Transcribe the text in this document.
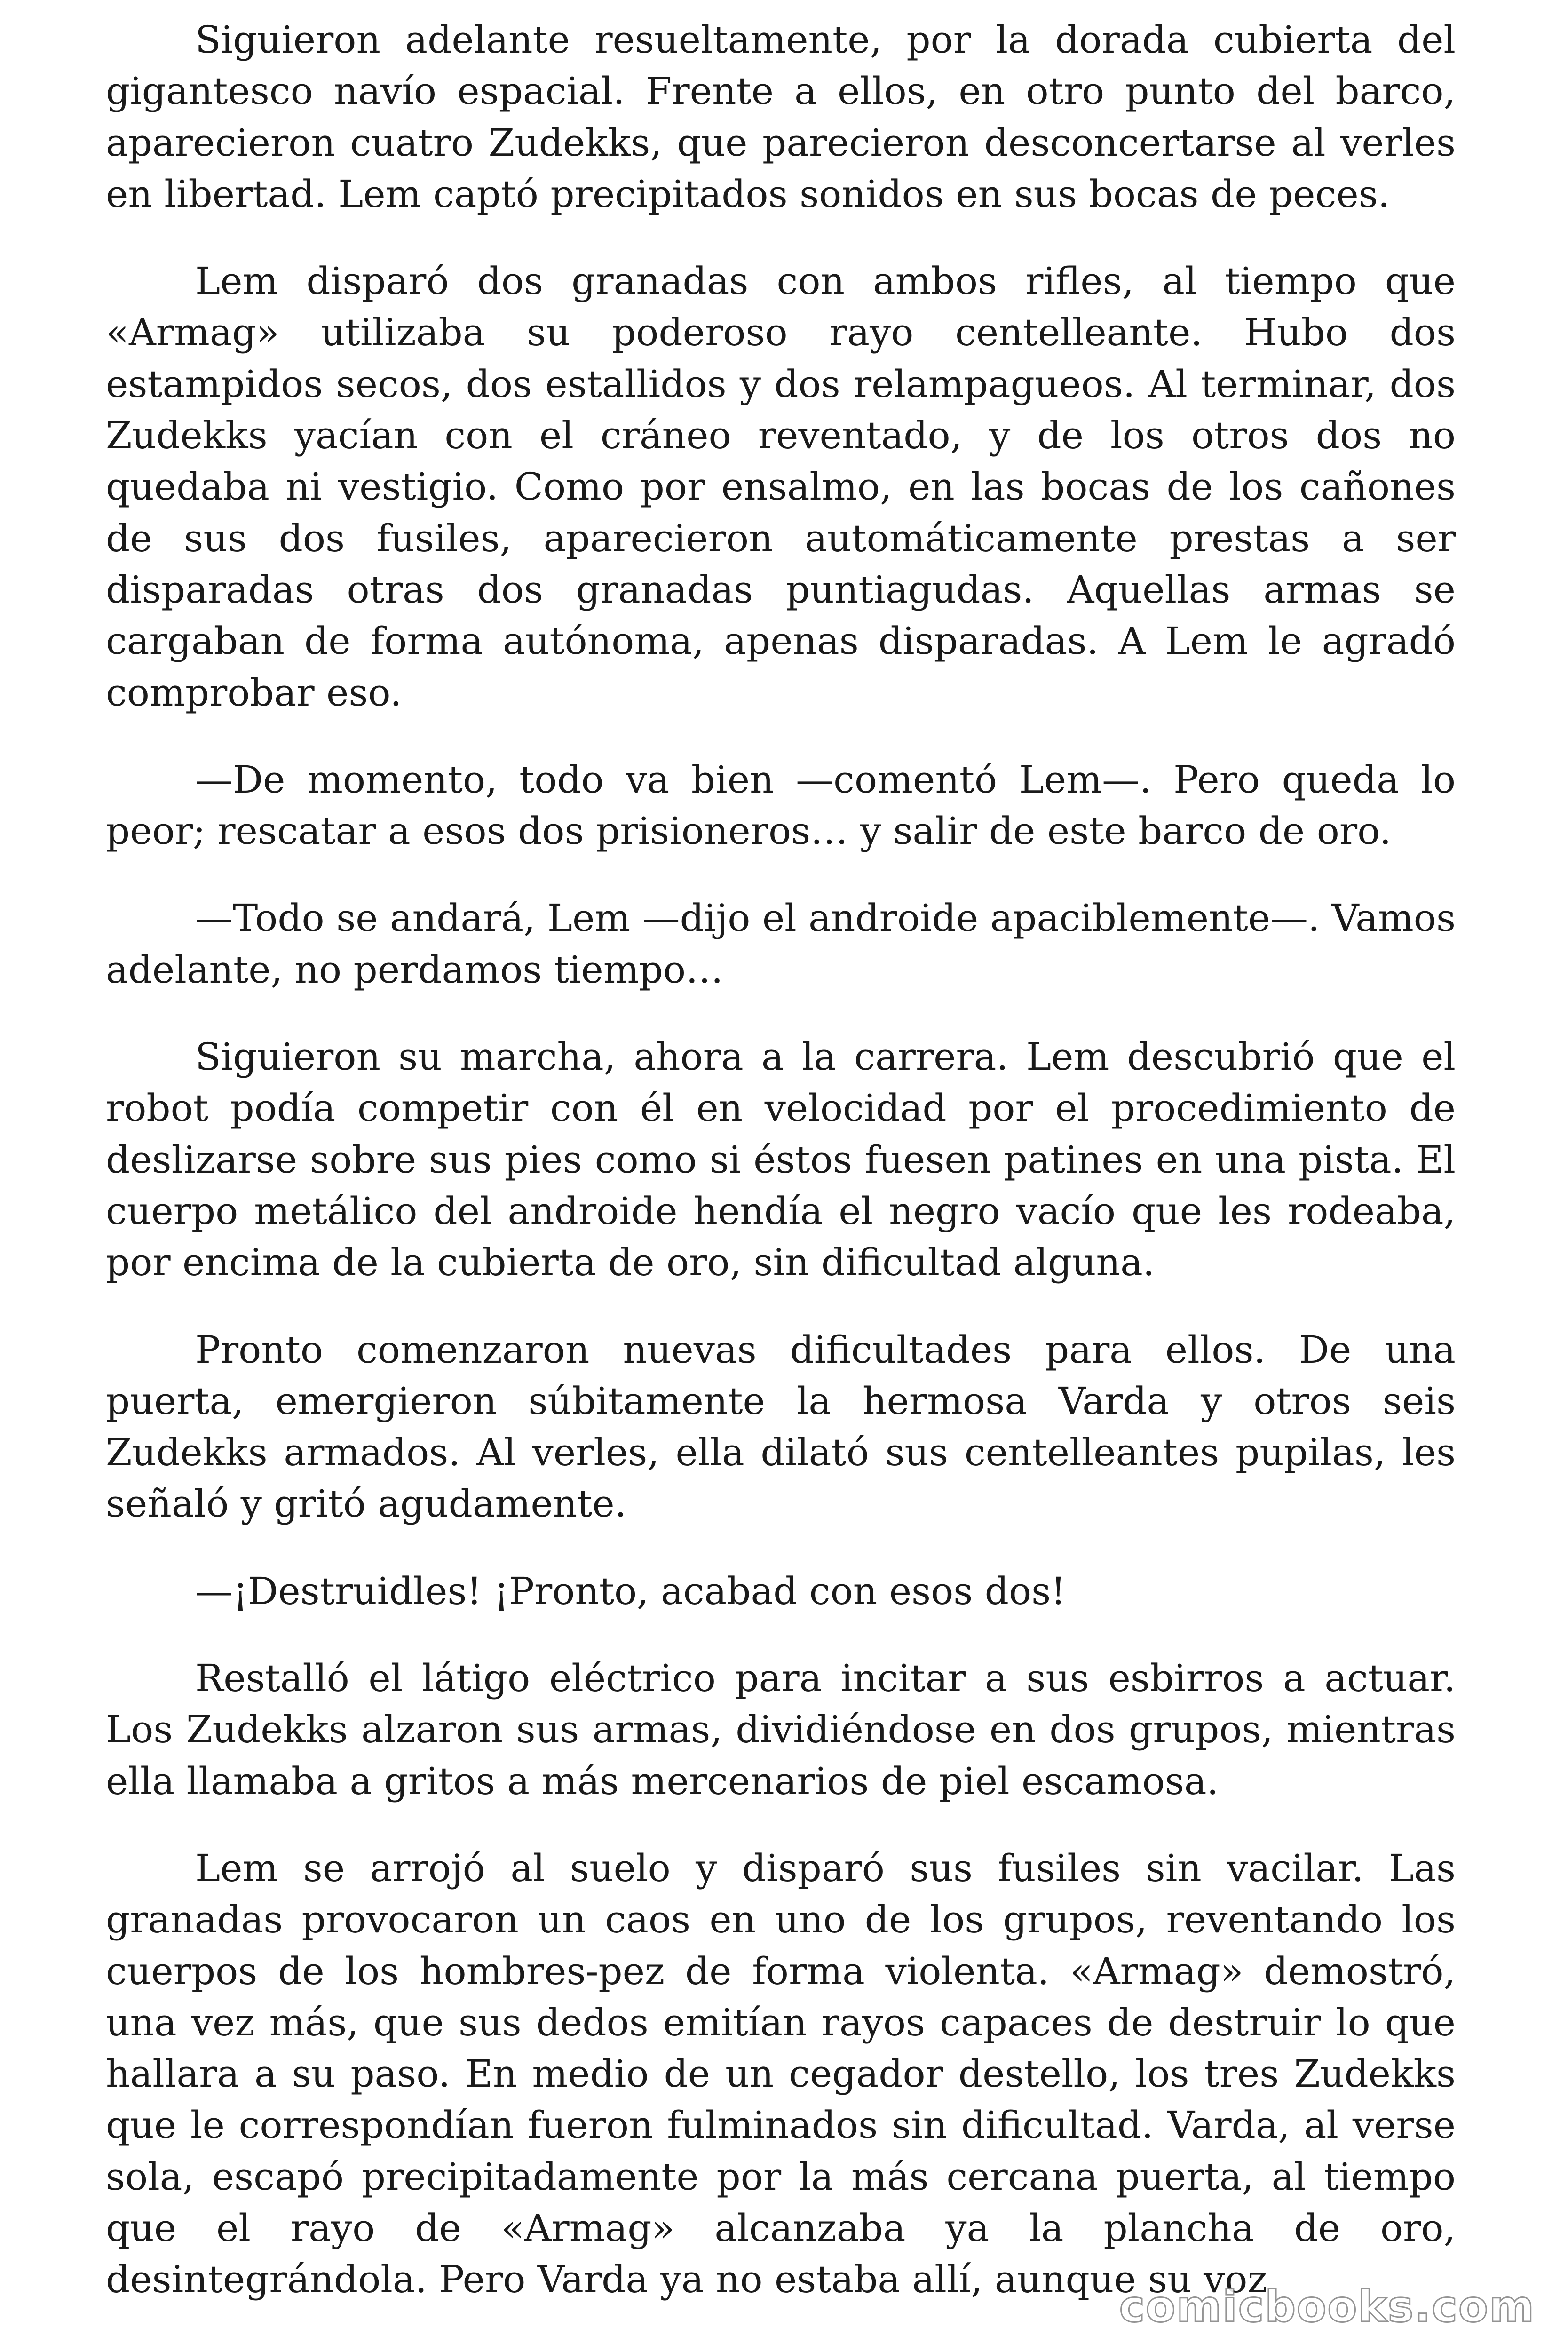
Siguieron adelante resueltamente, por la dorada cubierta del gigantesco navío espacial. Frente a ellos, en otro punto del barco, aparecieron cuatro Zudekks, que parecieron desconcertarse al verles en libertad. Lem captó precipitados sonidos en sus bocas de peces.

Lem disparó dos granadas con ambos rifles, al tiempo que «Armag» utilizaba su poderoso rayo centelleante. Hubo dos estampidos secos, dos estallidos y dos relampagueos. Al terminar, dos Zudekks yacían con el cráneo reventado, y de los otros dos no quedaba ni vestigio. Como por ensalmo, en las bocas de los cañones de sus dos fusiles, aparecieron automáticamente prestas a ser disparadas otras dos granadas puntiagudas. Aquellas armas se cargaban de forma autónoma, apenas disparadas. A Lem le agradó comprobar eso.

—De momento, todo va bien —comentó Lem—. Pero queda lo peor; rescatar a esos dos prisioneros… y salir de este barco de oro.

—Todo se andará, Lem —dijo el androide apaciblemente—. Vamos adelante, no perdamos tiempo…

Siguieron su marcha, ahora a la carrera. Lem descubrió que el robot podía competir con él en velocidad por el procedimiento de deslizarse sobre sus pies como si éstos fuesen patines en una pista. El cuerpo metálico del androide hendía el negro vacío que les rodeaba, por encima de la cubierta de oro, sin dificultad alguna.

Pronto comenzaron nuevas dificultades para ellos. De una puerta, emergieron súbitamente la hermosa Varda y otros seis Zudekks armados. Al verles, ella dilató sus centelleantes pupilas, les señaló y gritó agudamente.

—¡Destruidles! ¡Pronto, acabad con esos dos!

Restalló el látigo eléctrico para incitar a sus esbirros a actuar. Los Zudekks alzaron sus armas, dividiéndose en dos grupos, mientras ella llamaba a gritos a más mercenarios de piel escamosa.

Lem se arrojó al suelo y disparó sus fusiles sin vacilar. Las granadas provocaron un caos en uno de los grupos, reventando los cuerpos de los hombres-pez de forma violenta. «Armag» demostró, una vez más, que sus dedos emitían rayos capaces de destruir lo que hallara a su paso. En medio de un cegador destello, los tres Zudekks que le correspondían fueron fulminados sin dificultad. Varda, al verse sola, escapó precipitadamente por la más cercana puerta, al tiempo que el rayo de «Armag» alcanzaba ya la plancha de oro, desintegrándola. Pero Varda ya no estaba allí, aunque su voz

comicbooks.com
